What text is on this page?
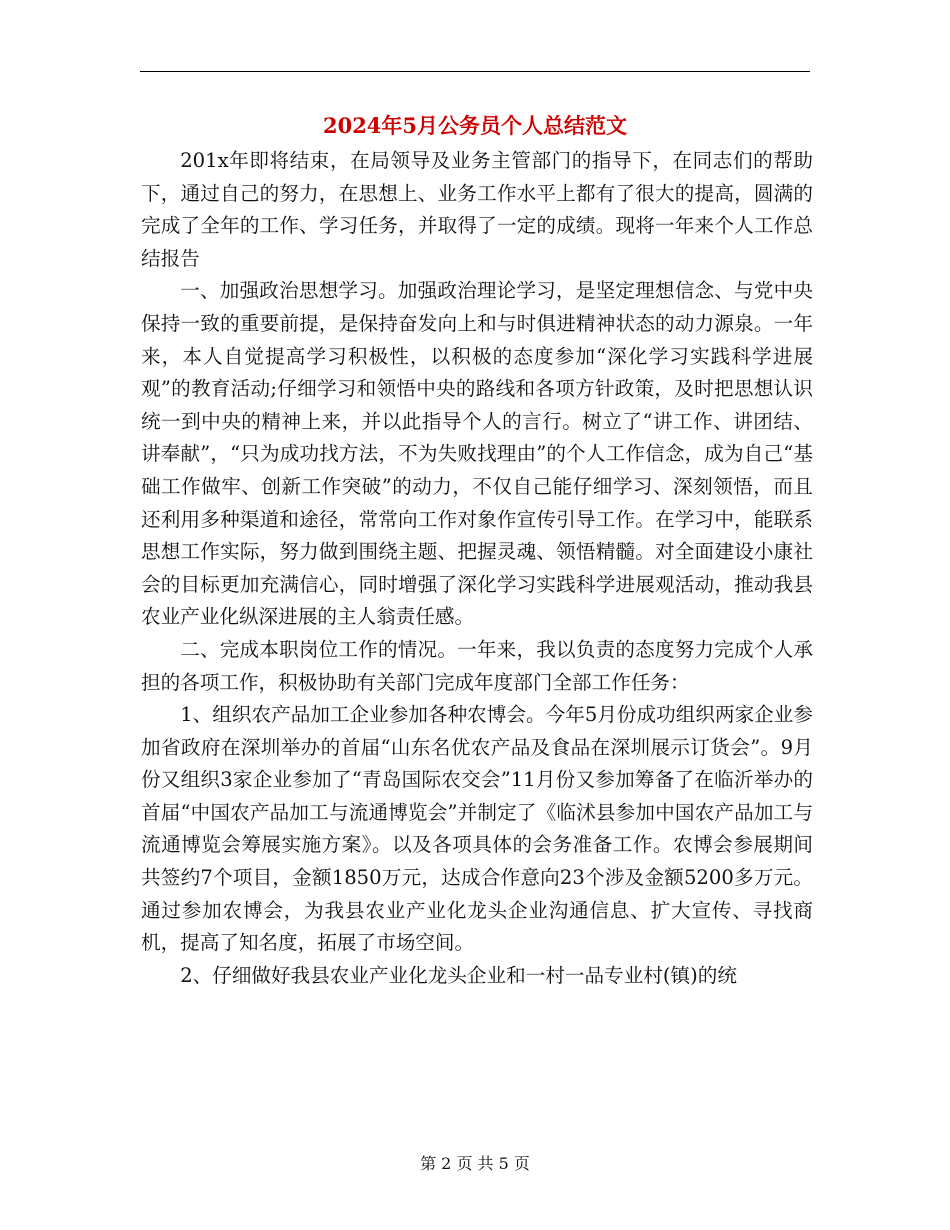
2024年5月公务员个人总结范文

201x年即将结束，在局领导及业务主管部门的指导下，在同志们的帮助下，通过自己的努力，在思想上、业务工作水平上都有了很大的提高，圆满的完成了全年的工作、学习任务，并取得了一定的成绩。现将一年来个人工作总结报告

一、加强政治思想学习。加强政治理论学习，是坚定理想信念、与党中央保持一致的重要前提，是保持奋发向上和与时俱进精神状态的动力源泉。一年来，本人自觉提高学习积极性，以积极的态度参加“深化学习实践科学进展观”的教育活动;仔细学习和领悟中央的路线和各项方针政策，及时把思想认识统一到中央的精神上来，并以此指导个人的言行。树立了“讲工作、讲团结、讲奉献”，“只为成功找方法，不为失败找理由”的个人工作信念，成为自己“基础工作做牢、创新工作突破”的动力，不仅自己能仔细学习、深刻领悟，而且还利用多种渠道和途径，常常向工作对象作宣传引导工作。在学习中，能联系思想工作实际，努力做到围绕主题、把握灵魂、领悟精髓。对全面建设小康社会的目标更加充满信心，同时增强了深化学习实践科学进展观活动，推动我县农业产业化纵深进展的主人翁责任感。

二、完成本职岗位工作的情况。一年来，我以负责的态度努力完成个人承担的各项工作，积极协助有关部门完成年度部门全部工作任务：

1、组织农产品加工企业参加各种农博会。今年5月份成功组织两家企业参加省政府在深圳举办的首届“山东名优农产品及食品在深圳展示订货会”。9月份又组织3家企业参加了“青岛国际农交会”11月份又参加筹备了在临沂举办的首届“中国农产品加工与流通博览会”并制定了《临沭县参加中国农产品加工与流通博览会筹展实施方案》。以及各项具体的会务准备工作。农博会参展期间共签约7个项目，金额1850万元，达成合作意向23个涉及金额5200多万元。通过参加农博会，为我县农业产业化龙头企业沟通信息、扩大宣传、寻找商机，提高了知名度，拓展了市场空间。

2、仔细做好我县农业产业化龙头企业和一村一品专业村(镇)的统

第 2 页 共 5 页
